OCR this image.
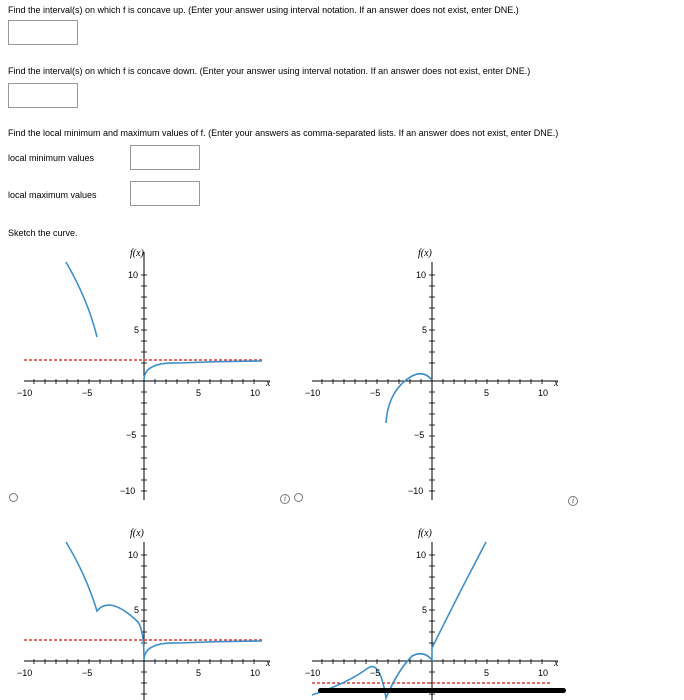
Find the interval(s) on which f is concave up. (Enter your answer using interval notation. If an answer does not exist, enter DNE.)
Find the interval(s) on which f is concave down. (Enter your answer using interval notation. If an answer does not exist, enter DNE.)
Find the local minimum and maximum values of f. (Enter your answers as comma-separated lists. If an answer does not exist, enter DNE.)
local minimum values
local maximum values
Sketch the curve.
f(x)
10
5
−5
−10
−10	−5	5	10
x
f(x)
10
5
−5
−10
−10	−5	5	10
x
f(x)
10
5
−10	−5	5	10
x
f(x)
10
5
−10	−5	5	10
x
i	i
